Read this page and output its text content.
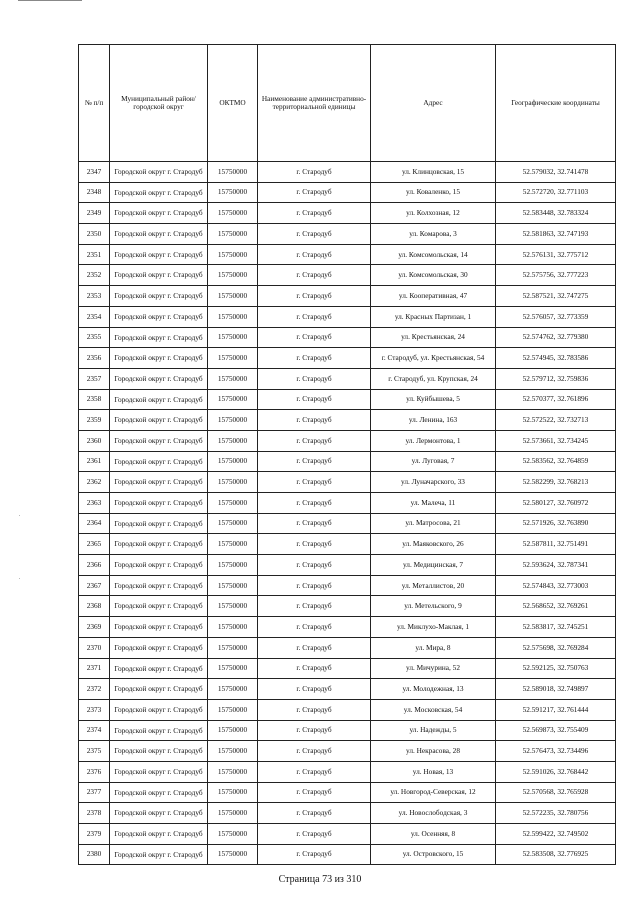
№ п/п	Муниципальный район/городской округ	ОКТМО	Наименование административно-территориальной единицы	Адрес	Географические координаты
2347	Городской округ г. Стародуб	15750000	г. Стародуб	ул. Клинцовская, 15	52.579032, 32.741478
2348	Городской округ г. Стародуб	15750000	г. Стародуб	ул. Коваленко, 15	52.572720, 32.771103
2349	Городской округ г. Стародуб	15750000	г. Стародуб	ул. Колхозная, 12	52.583448, 32.783324
2350	Городской округ г. Стародуб	15750000	г. Стародуб	ул. Комарова, 3	52.581863, 32.747193
2351	Городской округ г. Стародуб	15750000	г. Стародуб	ул. Комсомольская, 14	52.576131, 32.775712
2352	Городской округ г. Стародуб	15750000	г. Стародуб	ул. Комсомольская, 30	52.575756, 32.777223
2353	Городской округ г. Стародуб	15750000	г. Стародуб	ул. Кооперативная, 47	52.587521, 32.747275
2354	Городской округ г. Стародуб	15750000	г. Стародуб	ул. Красных Партизан, 1	52.576057, 32.773359
2355	Городской округ г. Стародуб	15750000	г. Стародуб	ул. Крестьянская, 24	52.574762, 32.779380
2356	Городской округ г. Стародуб	15750000	г. Стародуб	г. Стародуб, ул. Крестьянская, 54	52.574945, 32.783586
2357	Городской округ г. Стародуб	15750000	г. Стародуб	г. Стародуб, ул. Крупская, 24	52.579712, 32.759836
2358	Городской округ г. Стародуб	15750000	г. Стародуб	ул. Куйбышева, 5	52.570377, 32.761896
2359	Городской округ г. Стародуб	15750000	г. Стародуб	ул. Ленина, 163	52.572522, 32.732713
2360	Городской округ г. Стародуб	15750000	г. Стародуб	ул. Лермонтова, 1	52.573661, 32.734245
2361	Городской округ г. Стародуб	15750000	г. Стародуб	ул. Луговая, 7	52.583562, 32.764859
2362	Городской округ г. Стародуб	15750000	г. Стародуб	ул. Луначарского, 33	52.582299, 32.768213
2363	Городской округ г. Стародуб	15750000	г. Стародуб	ул. Малеча, 11	52.580127, 32.760972
2364	Городской округ г. Стародуб	15750000	г. Стародуб	ул. Матросова, 21	52.571926, 32.763890
2365	Городской округ г. Стародуб	15750000	г. Стародуб	ул. Маяковского, 26	52.587811, 32.751491
2366	Городской округ г. Стародуб	15750000	г. Стародуб	ул. Медицинская, 7	52.593624, 32.787341
2367	Городской округ г. Стародуб	15750000	г. Стародуб	ул. Металлистов, 20	52.574843, 32.773003
2368	Городской округ г. Стародуб	15750000	г. Стародуб	ул. Метельского, 9	52.568652, 32.769261
2369	Городской округ г. Стародуб	15750000	г. Стародуб	ул. Миклухо-Маклая, 1	52.583817, 32.745251
2370	Городской округ г. Стародуб	15750000	г. Стародуб	ул. Мира, 8	52.575698, 32.769284
2371	Городской округ г. Стародуб	15750000	г. Стародуб	ул. Мичурина, 52	52.592125, 32.750763
2372	Городской округ г. Стародуб	15750000	г. Стародуб	ул. Молодежная, 13	52.589018, 32.749897
2373	Городской округ г. Стародуб	15750000	г. Стародуб	ул. Московская, 54	52.591217, 32.761444
2374	Городской округ г. Стародуб	15750000	г. Стародуб	ул. Надежды, 5	52.569873, 32.755409
2375	Городской округ г. Стародуб	15750000	г. Стародуб	ул. Некрасова, 28	52.576473, 32.734496
2376	Городской округ г. Стародуб	15750000	г. Стародуб	ул. Новая, 13	52.591026, 32.768442
2377	Городской округ г. Стародуб	15750000	г. Стародуб	ул. Новгород-Северская, 12	52.570568, 32.765928
2378	Городской округ г. Стародуб	15750000	г. Стародуб	ул. Новослободская, 3	52.572235, 32.780756
2379	Городской округ г. Стародуб	15750000	г. Стародуб	ул. Осенняя, 8	52.599422, 32.749502
2380	Городской округ г. Стародуб	15750000	г. Стародуб	ул. Островского, 15	52.583508, 32.776925
Страница 73 из 310
